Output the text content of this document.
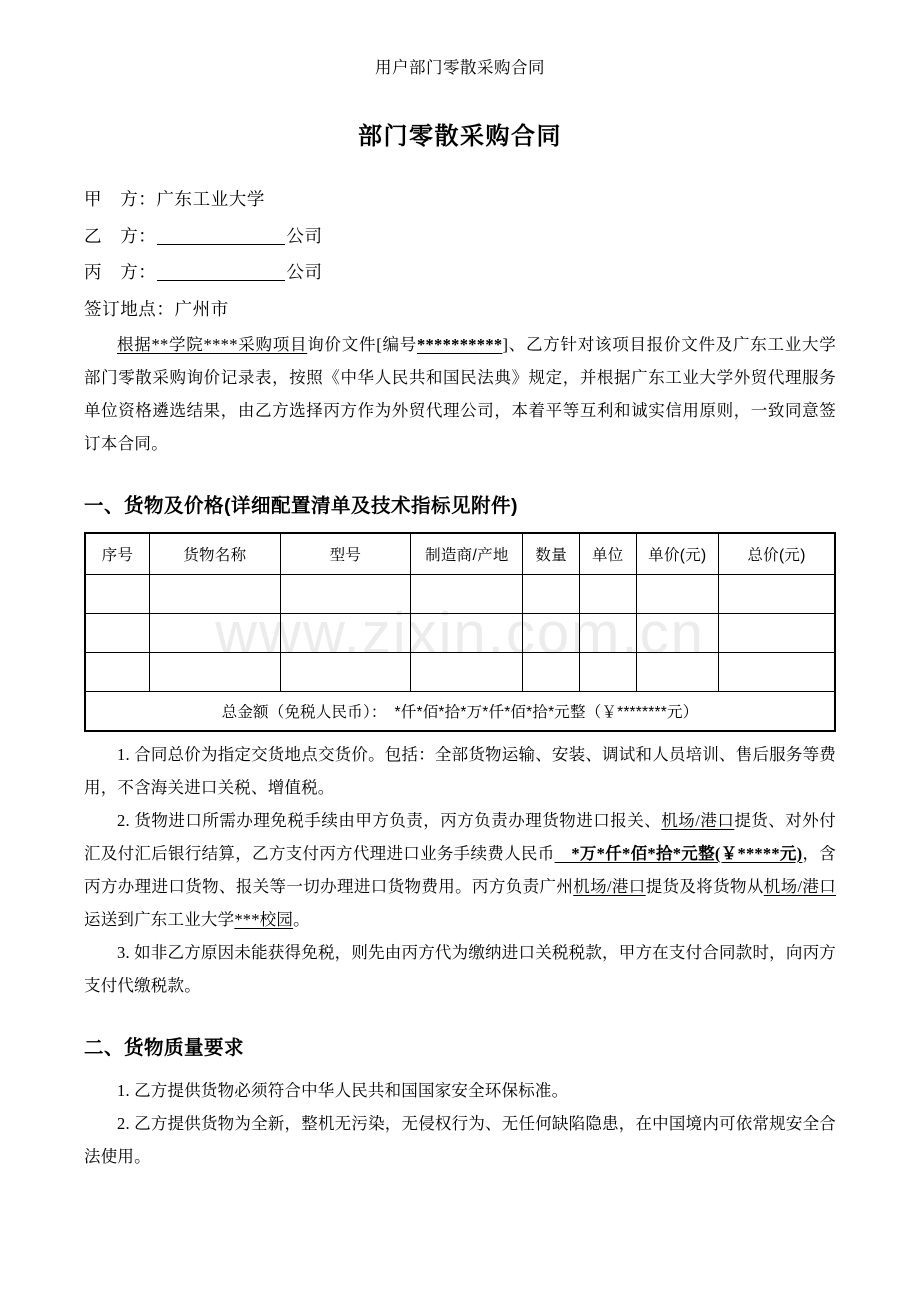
www.zixin.com.cn
用户部门零散采购合同
部门零散采购合同
甲　方：广东工业大学
乙　方：	公司
丙　方：	公司
签订地点：广州市

根据**学院****采购项目询价文件[编号**********]、乙方针对该项目报价文件及广东工业大学部门零散采购询价记录表，按照《中华人民共和国民法典》规定，并根据广东工业大学外贸代理服务单位资格遴选结果，由乙方选择丙方作为外贸代理公司，本着平等互利和诚实信用原则，一致同意签订本合同。

一、货物及价格(详细配置清单及技术指标见附件)
序号	货物名称	型号	制造商/产地	数量	单位	单价(元)	总价(元)

总金额（免税人民币）：　*仟*佰*拾*万*仟*佰*拾*元整（￥********元）							

1. 合同总价为指定交货地点交货价。包括：全部货物运输、安装、调试和人员培训、售后服务等费用，不含海关进口关税、增值税。

2. 货物进口所需办理免税手续由甲方负责，丙方负责办理货物进口报关、机场/港口提货、对外付汇及付汇后银行结算，乙方支付丙方代理进口业务手续费人民币　*万*仟*佰*拾*元整(￥*****元)，含丙方办理进口货物、报关等一切办理进口货物费用。丙方负责广州机场/港口提货及将货物从机场/港口运送到广东工业大学***校园。

3. 如非乙方原因未能获得免税，则先由丙方代为缴纳进口关税税款，甲方在支付合同款时，向丙方支付代缴税款。

二、货物质量要求

1. 乙方提供货物必须符合中华人民共和国国家安全环保标准。

2. 乙方提供货物为全新，整机无污染，无侵权行为、无任何缺陷隐患，在中国境内可依常规安全合法使用。
